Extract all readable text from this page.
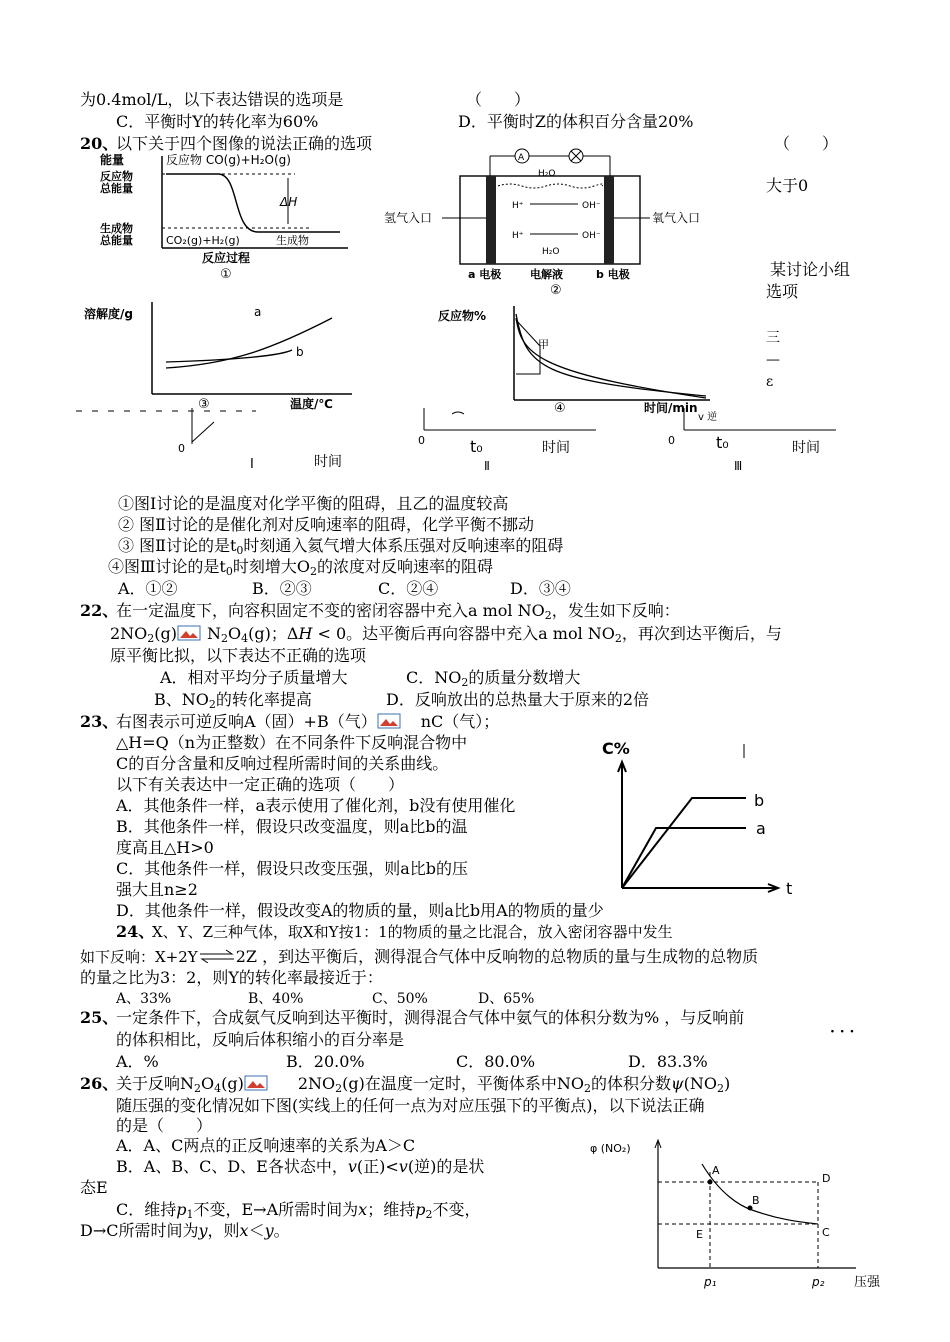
为0.4mol/L，以下表达错误的选项是	（　　）
C．平衡时Y的转化率为60%	D．平衡时Z的体积百分含量20%
20、
以下关于四个图像的说法正确的选项	（　　）
大于0
某讨论小组
选项
能量	反应物 CO(g)+H₂O(g)
反应物
总能量
生成物
总能量
ΔH
CO₂(g)+H₂(g)	生成物
反应过程
①
A
H₂O
H⁺	OH⁻
H⁺	OH⁻
H₂O
氢气入口	氧气入口
a 电极	电解液	b 电极
②
溶解度/g	a
b
温度/℃
③
反应物%
甲
时间/min
④
0
Ⅰ	时间
0	t₀
Ⅱ
时间
v 逆
0	t₀
Ⅲ
时间
三
—
ɛ
①图Ⅰ讨论的是温度对化学平衡的阻碍，且乙的温度较高
② 图Ⅱ讨论的是催化剂对反响速率的阻碍，化学平衡不挪动
③ 图Ⅱ讨论的是$t_0$时刻通入氦气增大体系压强对反响速率的阻碍
④图Ⅲ讨论的是$t_0$时刻增大$O_2$的浓度对反响速率的阻碍
A．①②	B．②③	C．②④	D．③④
22、
在一定温度下，向容积固定不变的密闭容器中充入a mol $NO_2$，发生如下反响：
$2NO_2(g)$ $N_2O_4(g)$；ΔH < 0。达平衡后再向容器中充入a mol $NO_2$，再次到达平衡后，与
原平衡比拟，以下表达不正确的选项
A．相对平均分子质量增大	C．$NO_2$的质量分数增大
B、$NO_2$的转化率提高	D．反响放出的总热量大于原来的2倍
23、
右图表示可逆反响A（固）+B（气）	nC（气）；
△H=Q（n为正整数）在不同条件下反响混合物中
C的百分含量和反响过程所需时间的关系曲线。
以下有关表达中一定正确的选项（　　）
A．其他条件一样，a表示使用了催化剂，b没有使用催化
B．其他条件一样，假设只改变温度，则a比b的温
度高且△H>0
C．其他条件一样，假设只改变压强，则a比b的压
强大且n≥2
D．其他条件一样，假设改变A的物质的量，则a比b用A的物质的量少
C%
b
a
t
24、
X、Y、Z三种气体，取X和Y按1：1的物质的量之比混合，放入密闭容器中发生
如下反响：X+2Y⇌2Z ，到达平衡后，测得混合气体中反响物的总物质的量与生成物的总物质
的量之比为3：2，则Y的转化率最接近于：
A、33%	B、40%	C、50%	D、65%
25、
一定条件下，合成氨气反响到达平衡时，测得混合气体中氨气的体积分数为% ，与反响前
· · ·
的体积相比，反响后体积缩小的百分率是
A．%	B．20.0%	C．80.0%	D．83.3%
26、
关于反响$N_2O_4(g)$	$2NO_2(g)$在温度一定时，平衡体系中$NO_2$的体积分数$\psi(NO_2)$
随压强的变化情况如下图(实线上的任何一点为对应压强下的平衡点)，以下说法正确
的是（　　）
A．A、C两点的正反响速率的关系为A＞C
B．A、B、C、D、E各状态中，v(正)<v(逆)的是状
态E
C．维持$p_1$不变，E→A所需时间为x；维持$p_2$不变，
D→C所需时间为y，则x＜y。
φ (NO₂)
A
B
C
D
E
p₁	p₂ 压强
